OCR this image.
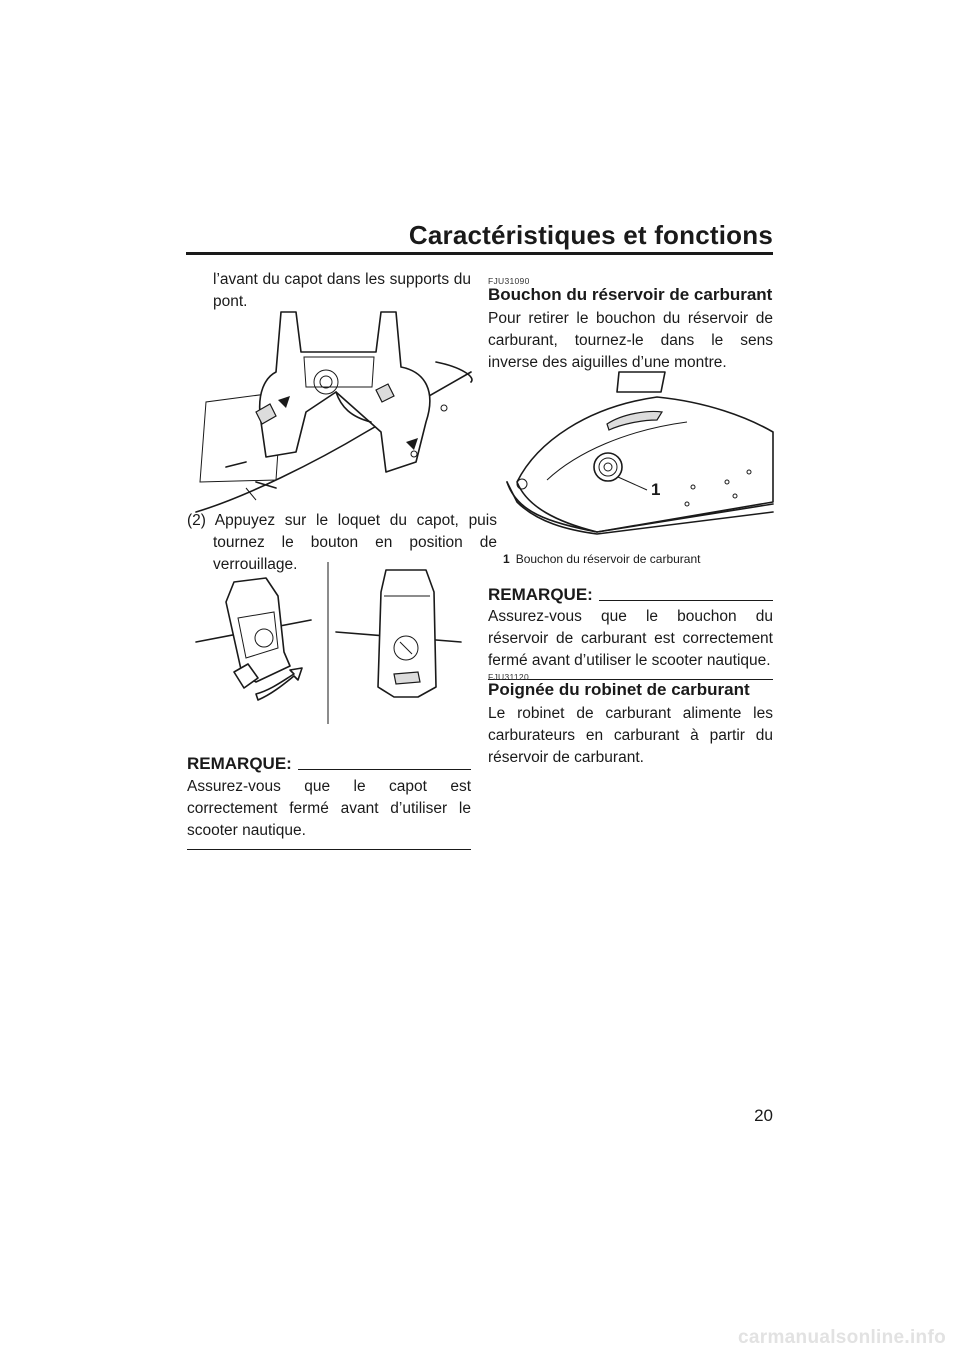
Caractéristiques et fonctions

l’avant du capot dans les supports du pont.

(2) Appuyez sur le loquet du capot, puis tournez le bouton en position de verrouillage.

REMARQUE:

Assurez-vous que le capot est correctement fermé avant d’utiliser le scooter nautique.

FJU31090
Bouchon du réservoir de carburant

Pour retirer le bouchon du réservoir de carburant, tournez-le dans le sens inverse des aiguilles d’une montre.

1
1 Bouchon du réservoir de carburant
REMARQUE:

Assurez-vous que le bouchon du réservoir de carburant est correctement fermé avant d’utiliser le scooter nautique.

FJU31120
Poignée du robinet de carburant

Le robinet de carburant alimente les carburateurs en carburant à partir du réservoir de carburant.

20
carmanualsonline.info
